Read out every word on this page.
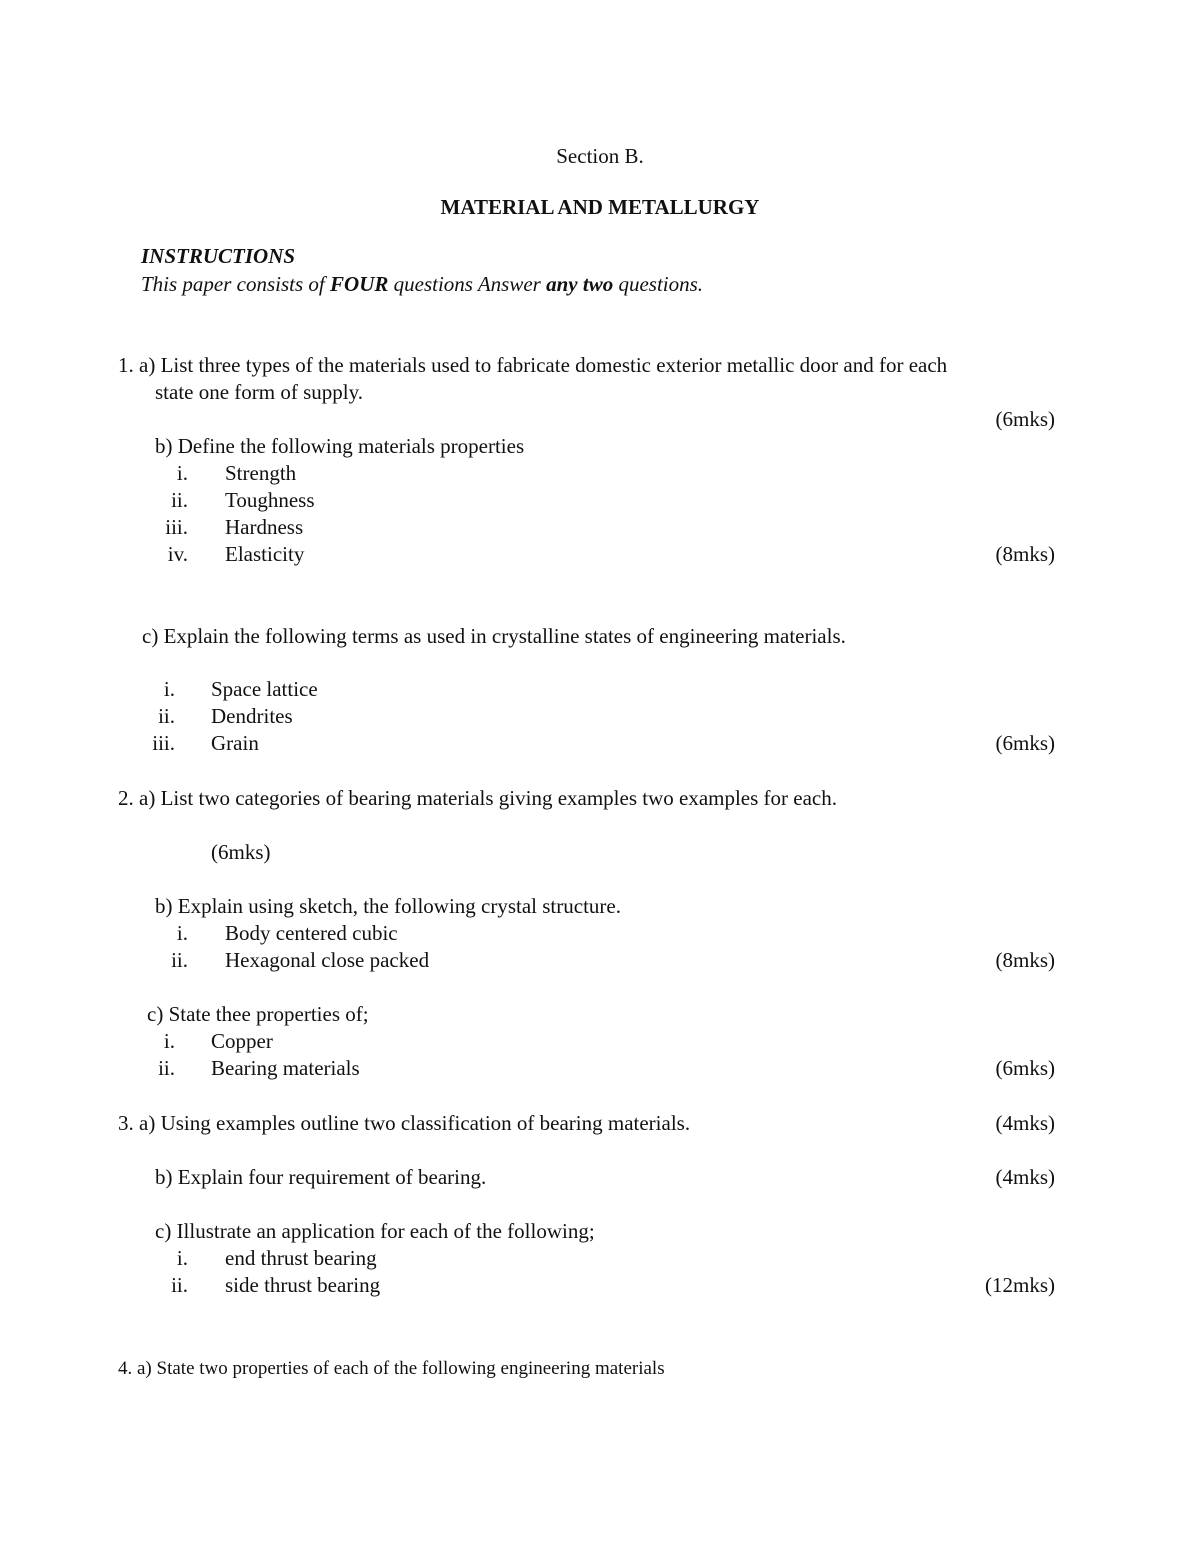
Section B.
MATERIAL AND METALLURGY
INSTRUCTIONS
This paper consists of FOUR questions Answer any two questions.
1. a) List three types of the materials used to fabricate domestic exterior metallic door and for each
state one form of supply.
(6mks)
b) Define the following materials properties
i. Strength
ii. Toughness
iii. Hardness
iv. Elasticity	(8mks)
c) Explain the following terms as used in crystalline states of engineering materials.
i. Space lattice
ii. Dendrites
iii. Grain	(6mks)
2. a) List two categories of bearing materials giving examples two examples for each.
(6mks)
b) Explain using sketch, the following crystal structure.
i. Body centered cubic
ii. Hexagonal close packed	(8mks)
c) State thee properties of;
i. Copper
ii. Bearing materials	(6mks)
3. a) Using examples outline two classification of bearing materials.	(4mks)
b) Explain four requirement of bearing.	(4mks)
c) Illustrate an application for each of the following;
i. end thrust bearing
ii. side thrust bearing	(12mks)
4. a) State two properties of each of the following engineering materials
